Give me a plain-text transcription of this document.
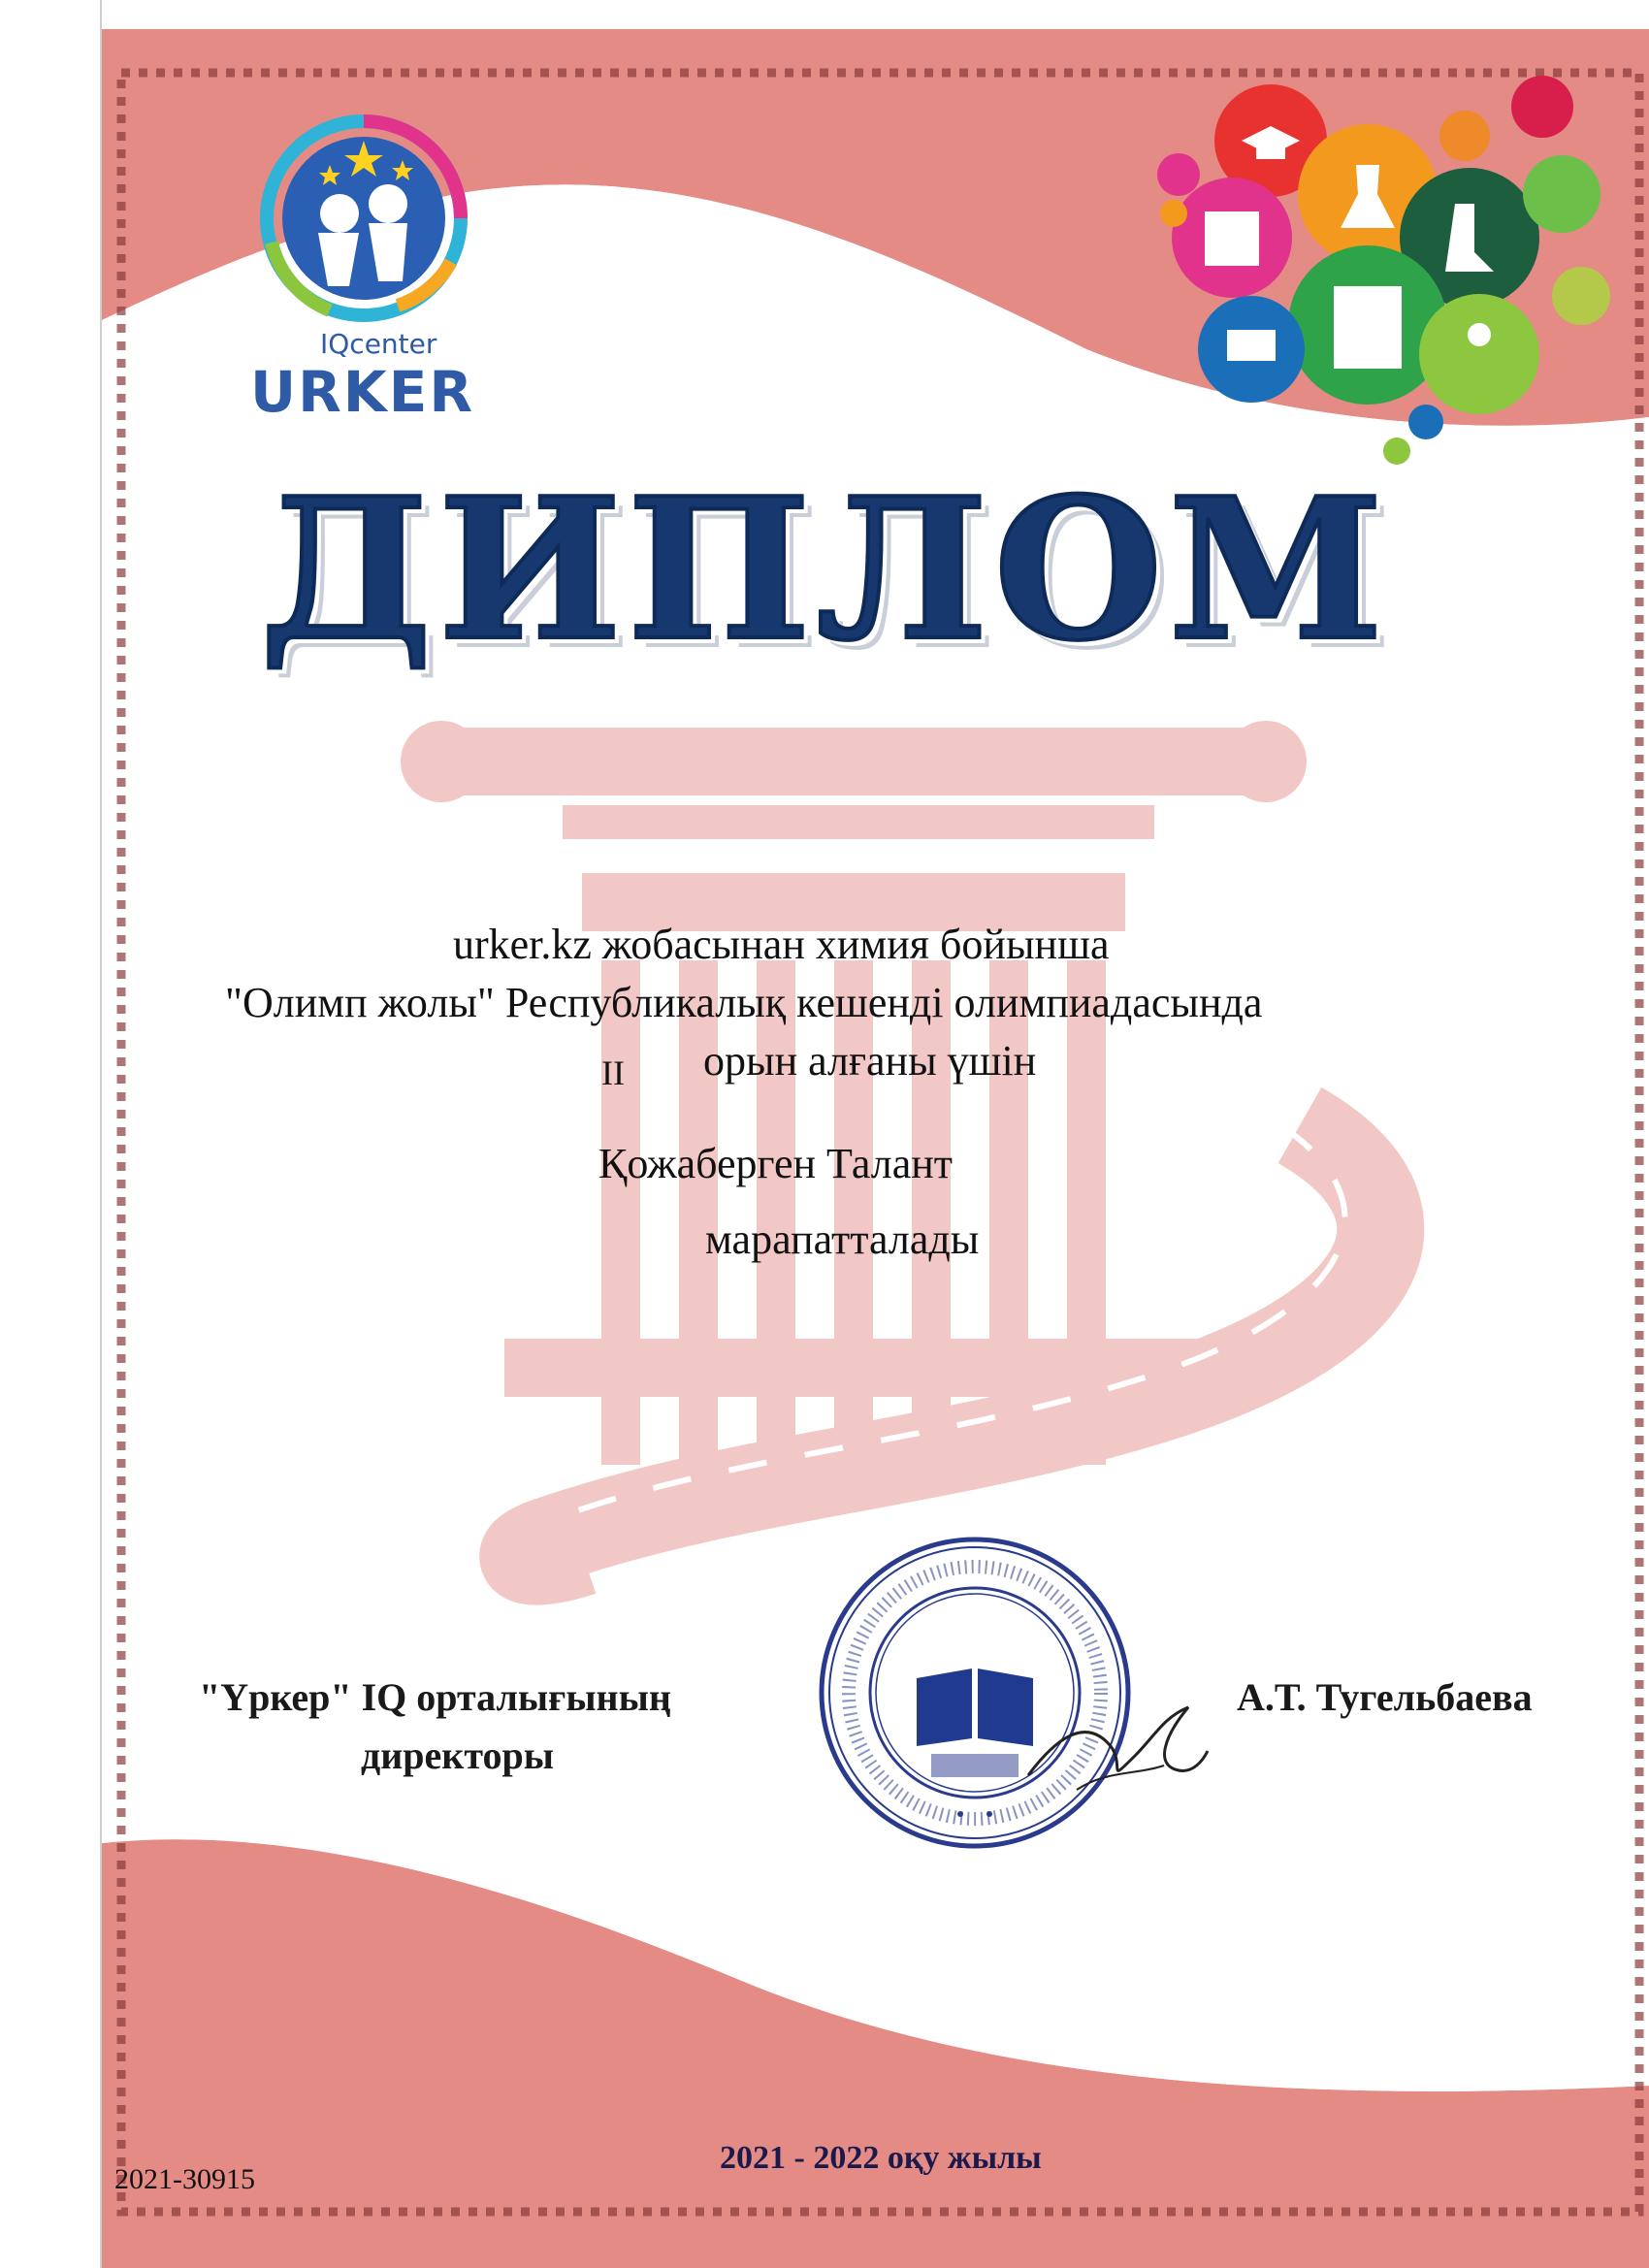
IQcenter
URKER
ДИПЛОМ
urker.kz жобасынан химия бойынша
"Олимп жолы" Республикалық кешенді олимпиадасында
II орын алғаны үшін
Қожаберген Талант
марапатталады
"Үркер" IQ орталығының
директоры
А.Т. Тугельбаева
2021 - 2022 оқу жылы
2021-30915
